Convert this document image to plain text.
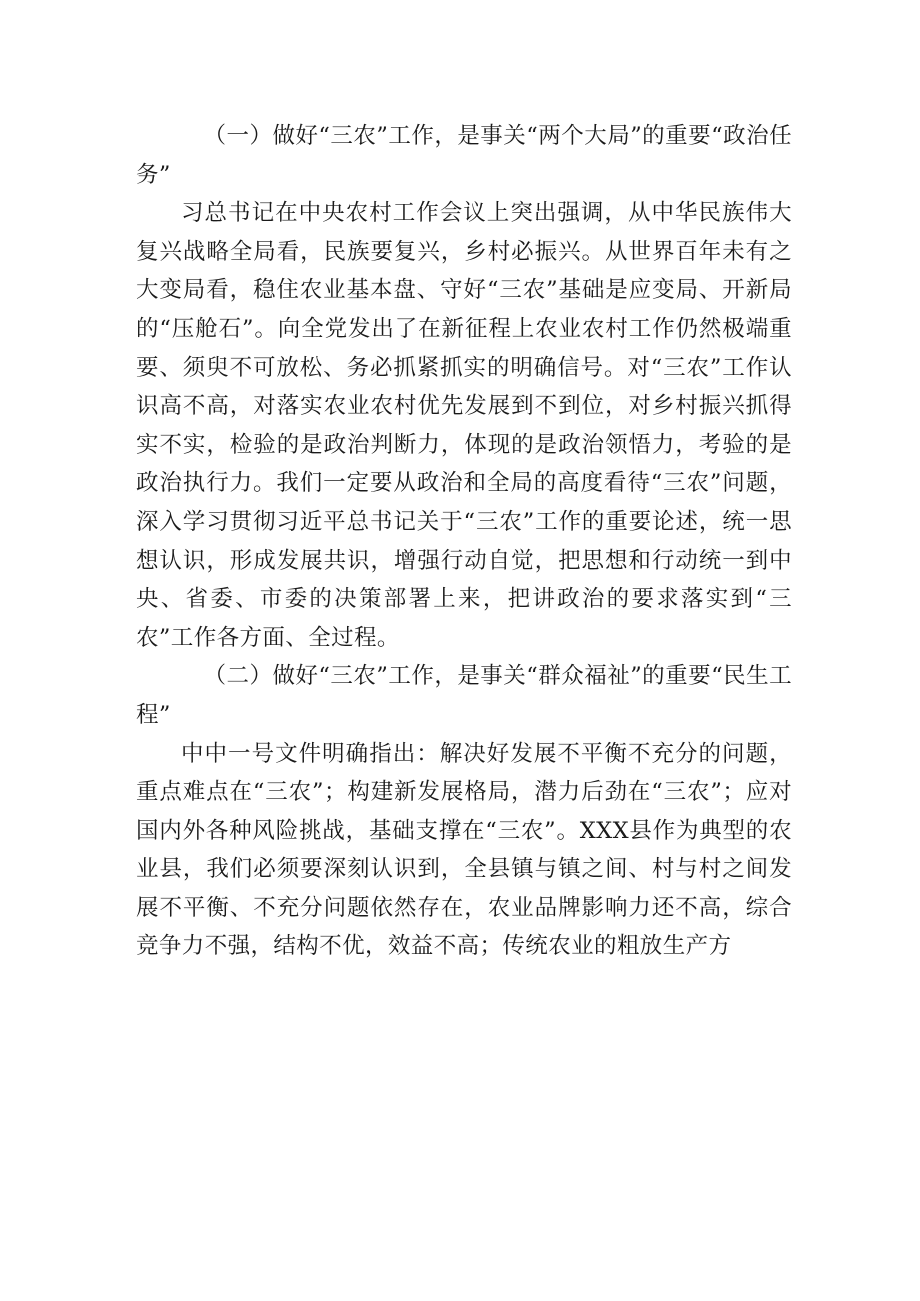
（一）做好“三农”工作，是事关“两个大局”的重要“政治任务”

习总书记在中央农村工作会议上突出强调，从中华民族伟大复兴战略全局看，民族要复兴，乡村必振兴。从世界百年未有之大变局看，稳住农业基本盘、守好“三农”基础是应变局、开新局的“压舱石”。向全党发出了在新征程上农业农村工作仍然极端重要、须臾不可放松、务必抓紧抓实的明确信号。对“三农”工作认识高不高，对落实农业农村优先发展到不到位，对乡村振兴抓得实不实，检验的是政治判断力，体现的是政治领悟力，考验的是政治执行力。我们一定要从政治和全局的高度看待“三农”问题，深入学习贯彻习近平总书记关于“三农”工作的重要论述，统一思想认识，形成发展共识，增强行动自觉，把思想和行动统一到中央、省委、市委的决策部署上来，把讲政治的要求落实到“三农”工作各方面、全过程。

（二）做好“三农”工作，是事关“群众福祉”的重要“民生工程”

中中一号文件明确指出：解决好发展不平衡不充分的问题，重点难点在“三农”；构建新发展格局，潜力后劲在“三农”；应对国内外各种风险挑战，基础支撑在“三农”。XXX县作为典型的农业县，我们必须要深刻认识到，全县镇与镇之间、村与村之间发展不平衡、不充分问题依然存在，农业品牌影响力还不高，综合竞争力不强，结构不优，效益不高；传统农业的粗放生产方
